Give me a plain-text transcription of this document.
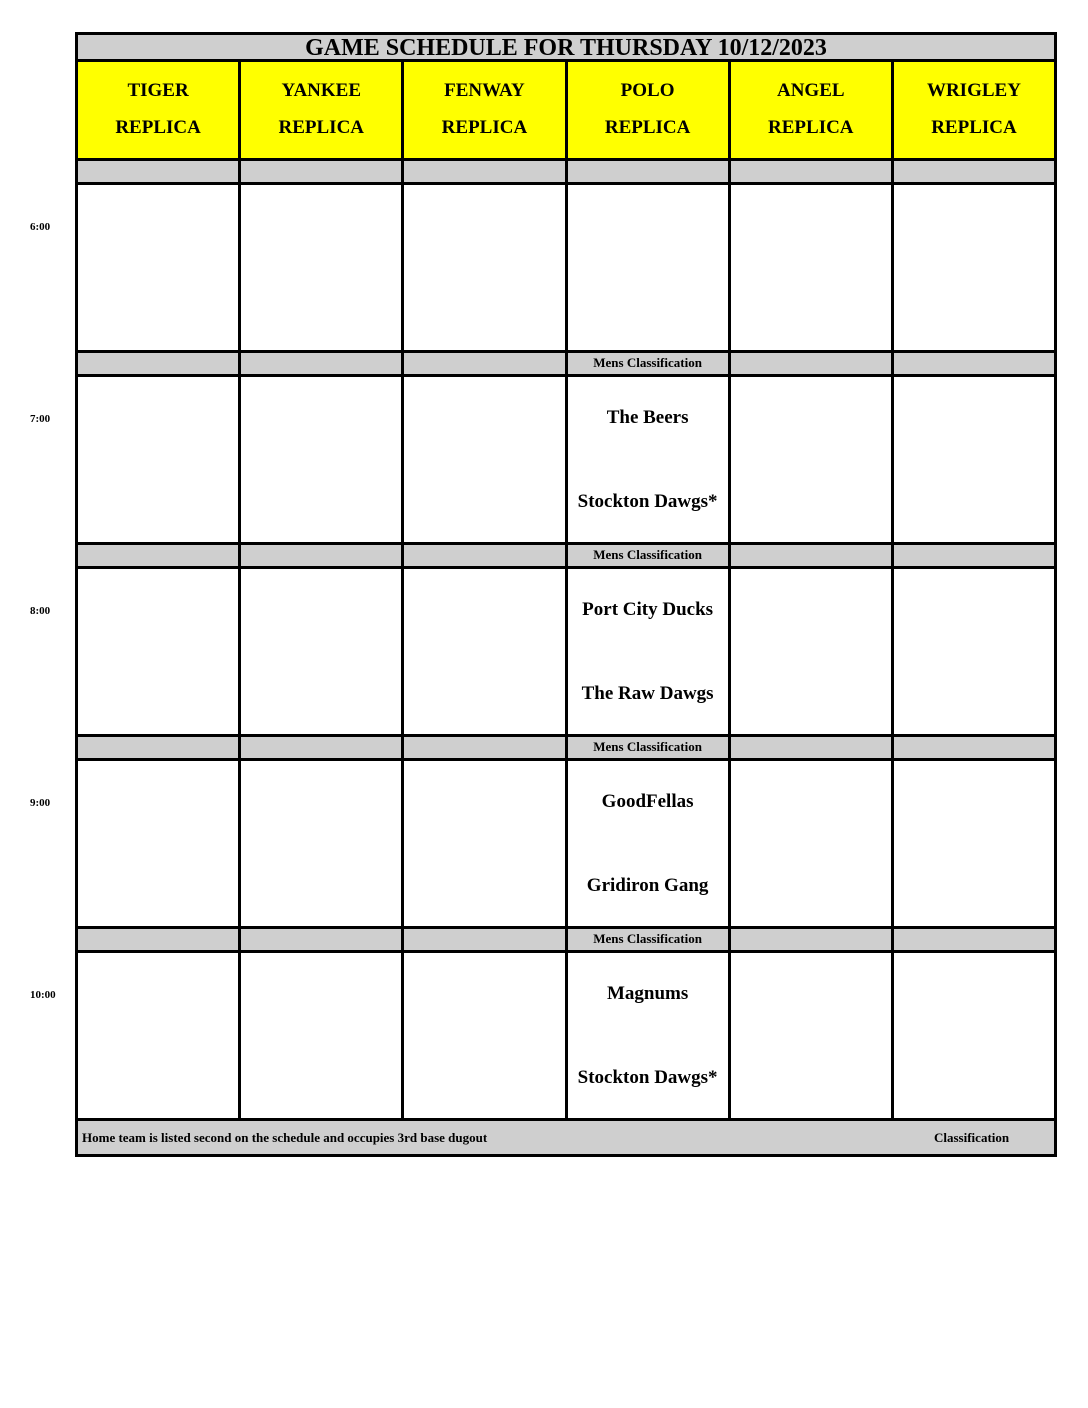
GAME SCHEDULE FOR THURSDAY 10/12/2023
TIGER
REPLICA
YANKEE
REPLICA
FENWAY
REPLICA
POLO
REPLICA
ANGEL
REPLICA
WRIGLEY
REPLICA
Mens Classification
The Beers
Stockton Dawgs*
Mens Classification
Port City Ducks
The Raw Dawgs
Mens Classification
GoodFellas
Gridiron Gang
Mens Classification
Magnums
Stockton Dawgs*
Home team is listed second on the schedule and occupies 3rd base dugout	Classification
6:00
7:00
8:00
9:00
10:00
